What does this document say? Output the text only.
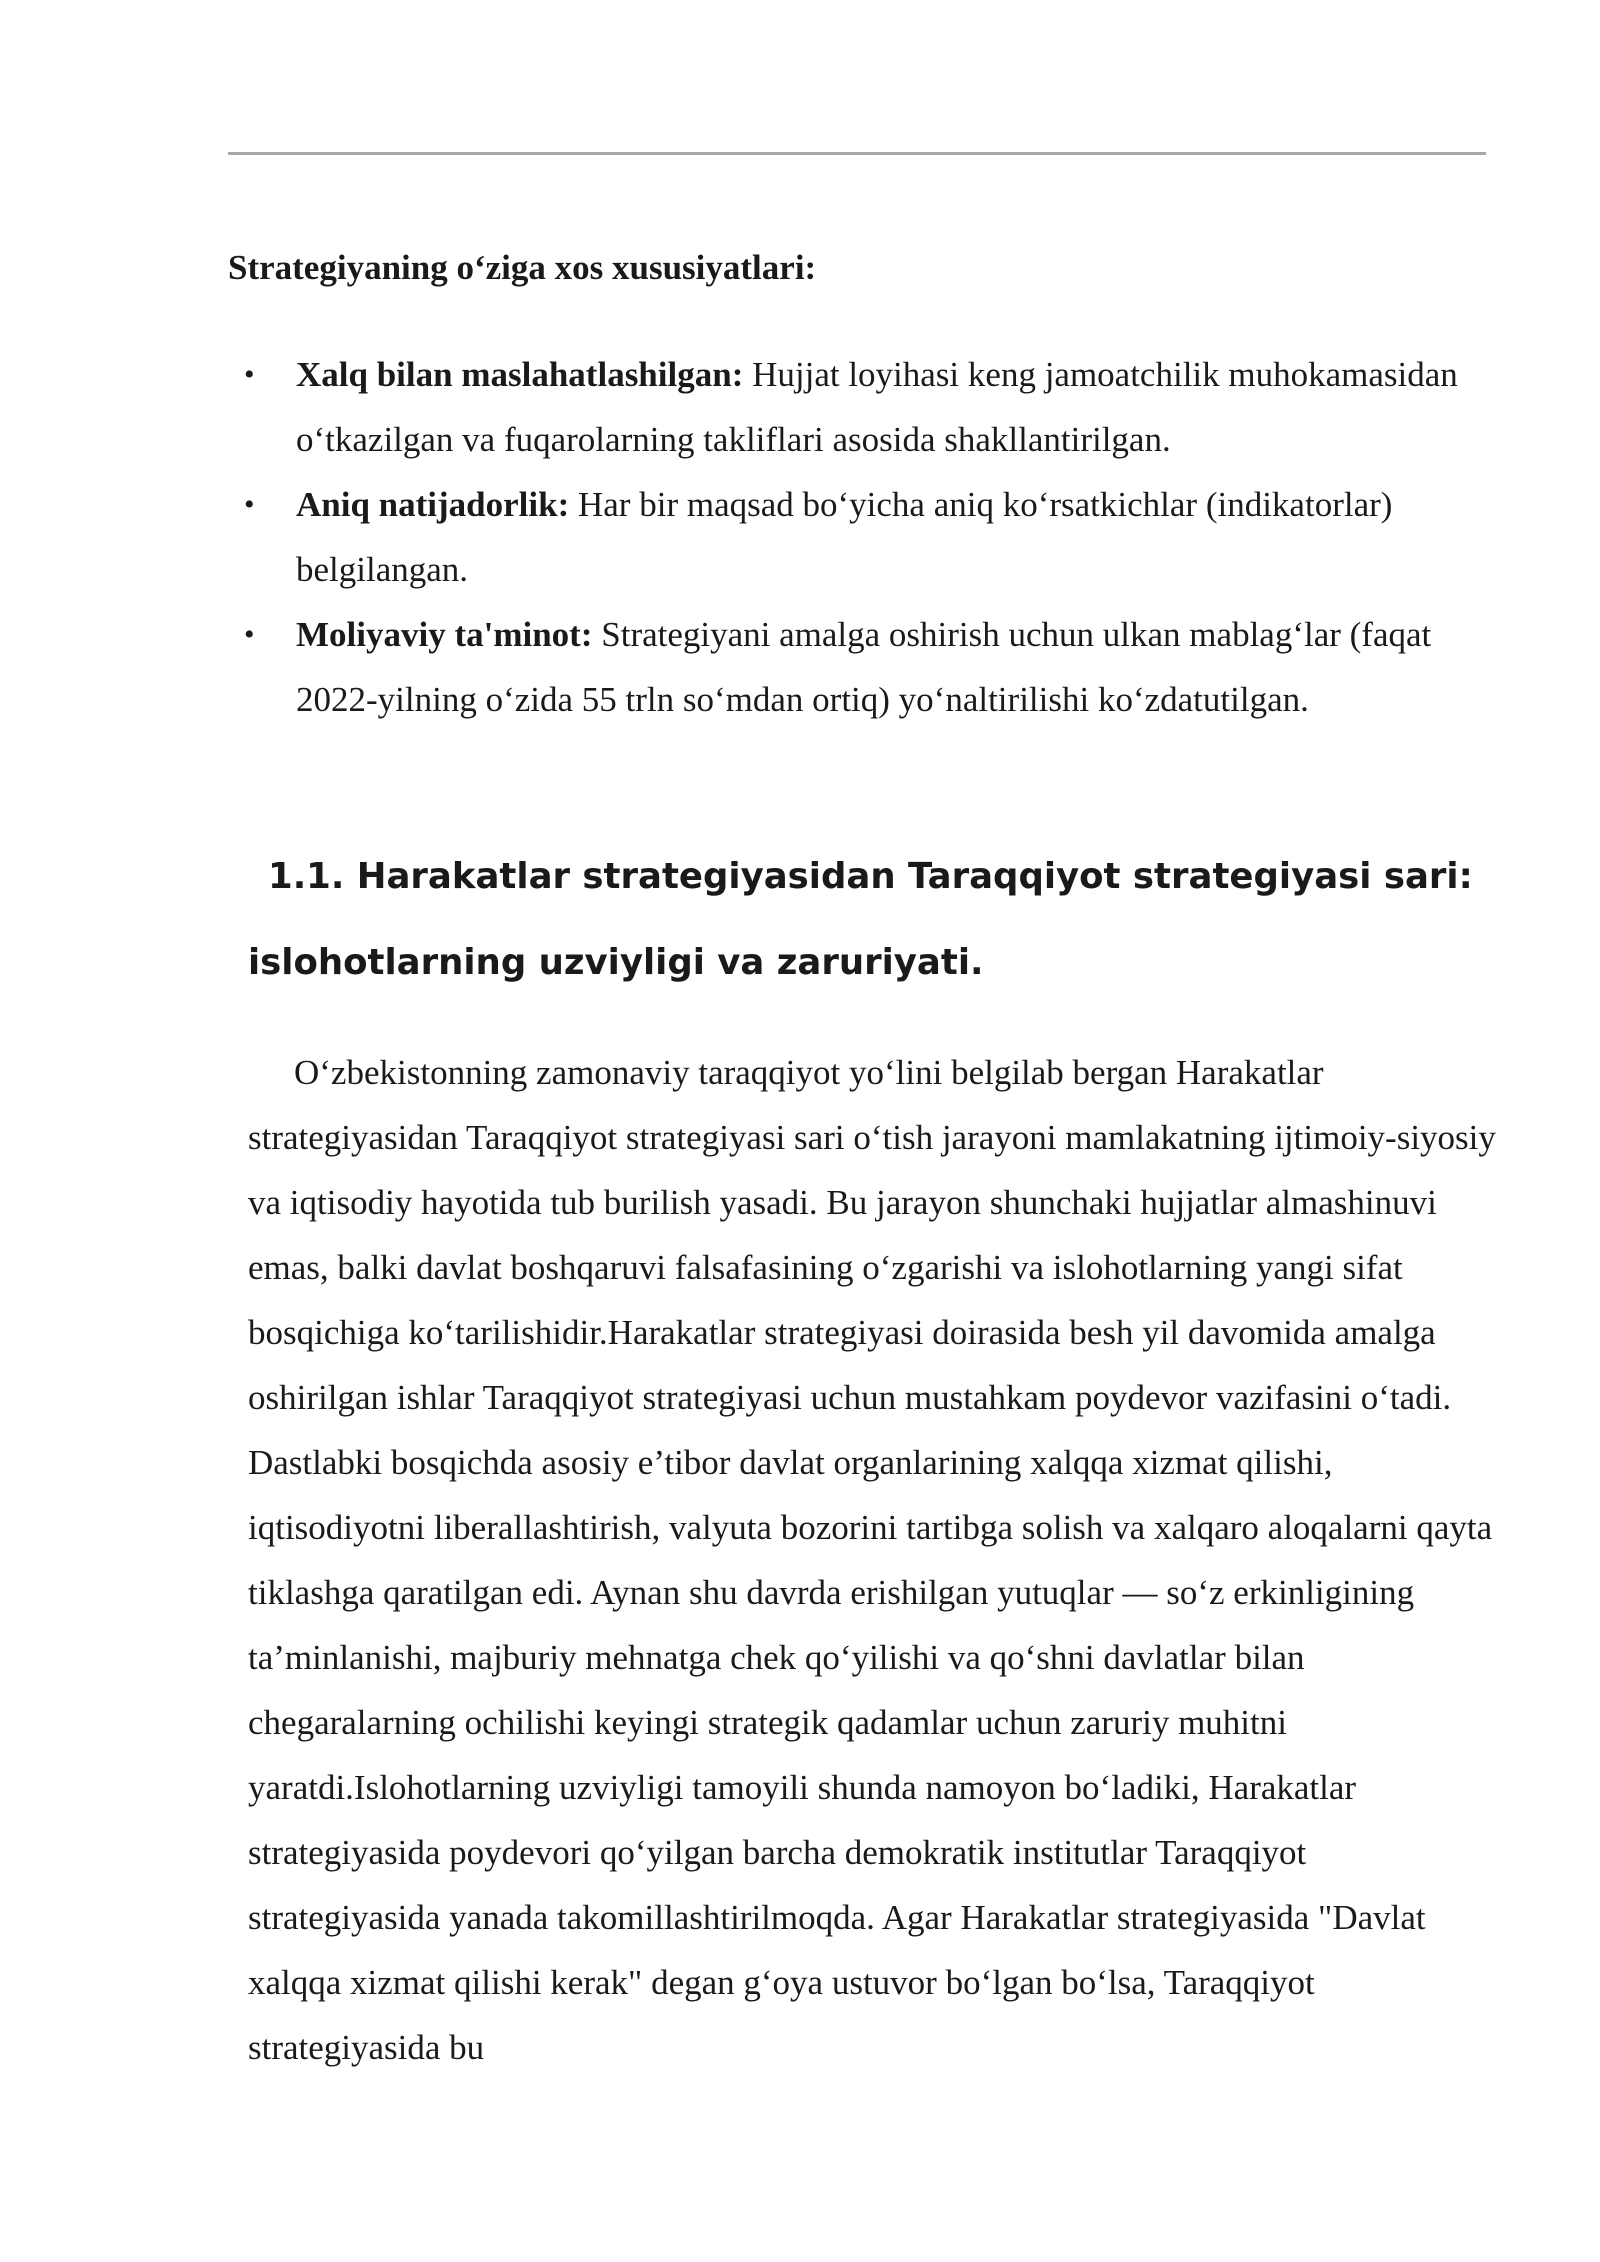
Strategiyaning o‘ziga xos xususiyatlari:

• Xalq bilan maslahatlashilgan: Hujjat loyihasi keng jamoatchilik muhokamasidan o‘tkazilgan va fuqarolarning takliflari asosida shakllantirilgan.
• Aniq natijadorlik: Har bir maqsad bo‘yicha aniq ko‘rsatkichlar (indikatorlar) belgilangan.
• Moliyaviy ta'minot: Strategiyani amalga oshirish uchun ulkan mablag‘lar (faqat 2022-yilning o‘zida 55 trln so‘mdan ortiq) yo‘naltirilishi ko‘zdatutilgan.
1.1. Harakatlar strategiyasidan Taraqqiyot strategiyasi sari: islohotlarning uzviyligi va zaruriyati.

O‘zbekistonning zamonaviy taraqqiyot yo‘lini belgilab bergan Harakatlar strategiyasidan Taraqqiyot strategiyasi sari o‘tish jarayoni mamlakatning ijtimoiy-siyosiy va iqtisodiy hayotida tub burilish yasadi. Bu jarayon shunchaki hujjatlar almashinuvi emas, balki davlat boshqaruvi falsafasining o‘zgarishi va islohotlarning yangi sifat bosqichiga ko‘tarilishidir.Harakatlar strategiyasi doirasida besh yil davomida amalga oshirilgan ishlar Taraqqiyot strategiyasi uchun mustahkam poydevor vazifasini o‘tadi. Dastlabki bosqichda asosiy e’tibor davlat organlarining xalqqa xizmat qilishi, iqtisodiyotni liberallashtirish, valyuta bozorini tartibga solish va xalqaro aloqalarni qayta tiklashga qaratilgan edi. Aynan shu davrda erishilgan yutuqlar — so‘z erkinligining ta’minlanishi, majburiy mehnatga chek qo‘yilishi va qo‘shni davlatlar bilan chegaralarning ochilishi keyingi strategik qadamlar uchun zaruriy muhitni yaratdi.Islohotlarning uzviyligi tamoyili shunda namoyon bo‘ladiki, Harakatlar strategiyasida poydevori qo‘yilgan barcha demokratik institutlar Taraqqiyot strategiyasida yanada takomillashtirilmoqda. Agar Harakatlar strategiyasida "Davlat xalqqa xizmat qilishi kerak" degan g‘oya ustuvor bo‘lgan bo‘lsa, Taraqqiyot strategiyasida bu
